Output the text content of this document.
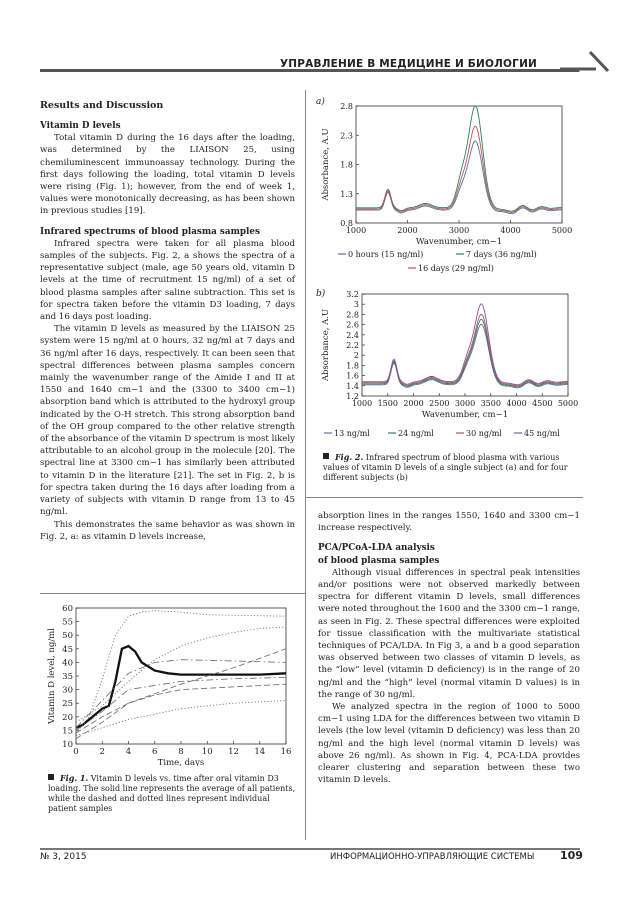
УПРАВЛЕНИЕ В МЕДИЦИНЕ И БИОЛОГИИ
Results and Discussion
Vitamin D levels

Total vitamin D during the 16 days after the loading, was determined by the LIAISON 25, using chemiluminescent immunoassay technology. During the first days following the loading, total vitamin D levels were rising (Fig. 1); however, from the end of week 1, values were monotonically decreasing, as has been shown in previous studies [19].

Infrared spectrums of blood plasma samples

Infrared spectra were taken for all plasma blood samples of the subjects. Fig. 2, a shows the spectra of a representative subject (male, age 50 years old, vitamin D levels at the time of recruitment 15 ng/ml) of a set of blood plasma samples after saline subtraction. This set is for spectra taken before the vitamin D3 loading, 7 days and 16 days post loading.

The vitamin D levels as measured by the LIAISON 25 system were 15 ng/ml at 0 hours, 32 ng/ml at 7 days and 36 ng/ml after 16 days, respectively. It can been seen that spectral differences between plasma samples concern mainly the wavenumber range of the Amide I and II at 1550 and 1640 cm−1 and the (3300 to 3400 cm−1) absorption band which is attributed to the hydroxyl group indicated by the O-H stretch. This strong absorption band of the OH group compared to the other relative strength of the absorbance of the vitamin D spectrum is most likely attributable to an alcohol group in the molecule [20]. The spectral line at 3300 cm−1 has similarly been attributed to vitamin D in the literature [21]. The set in Fig. 2, b is for spectra taken during the 16 days after loading from a variety of subjects with vitamin D range from 13 to 45 ng/ml.

This demonstrates the same behavior as was shown in Fig. 2, a: as vitamin D levels increase,

0 2 4 6 8 10 12 14 16
10
15
20
25
30
35
40
45
50
55
60
Time, days
Vitamin D level, ng/ml
Fig. 1. Vitamin D levels vs. time after oral vitamin D3 loading. The solid line represents the average of all patients, while the dashed and dotted lines represent individual patient samples
a)
1000	2000	3000	4000	5000
0.8
1.3
1.8
2.3
2.8
Wavenumber, cm−1
Absorbance, A.U
0 hours (15 ng/ml)	7 days (36 ng/ml)
16 days (29 ng/ml)
b)
1000 1500 2000 2500 3000 3500 4000 4500 5000
1.2
1.4
1.6
1.8
2
2.2
2.4
2.6
2.8
3
3.2
Wavenumber, cm−1
Absorbance, A.U
13 ng/ml	24 ng/ml	30 ng/ml	45 ng/ml
Fig. 2. Infrared spectrum of blood plasma with various values of vitamin D levels of a single subject (a) and for four different subjects (b)

absorption lines in the ranges 1550, 1640 and 3300 cm−1 increase respectively.

PCA/PCoA-LDA analysis
of blood plasma samples

Although visual differences in spectral peak intensities and/or positions were not observed markedly between spectra for different vitamin D levels, small differences were noted throughout the 1600 and the 3300 cm−1 range, as seen in Fig. 2. These spectral differences were exploited for tissue classification with the multivariate statistical techniques of PCA/LDA. In Fig 3, a and b a good separation was observed between two classes of vitamin D levels, as the “low” level (vitamin D deficiency) is in the range of 20 ng/ml and the “high” level (normal vitamin D values) is in the range of 30 ng/ml.

We analyzed spectra in the region of 1000 to 5000 cm−1 using LDA for the differences between two vitamin D levels (the low level (vitamin D deficiency) was less than 20 ng/ml and the high level (normal vitamin D levels) was above 26 ng/ml). As shown in Fig. 4, PCA-LDA provides clearer clustering and separation between these two vitamin D levels.

№ 3, 2015	ИНФОРМАЦИОННО-УПРАВЛЯЮЩИЕ СИСТЕМЫ 109
